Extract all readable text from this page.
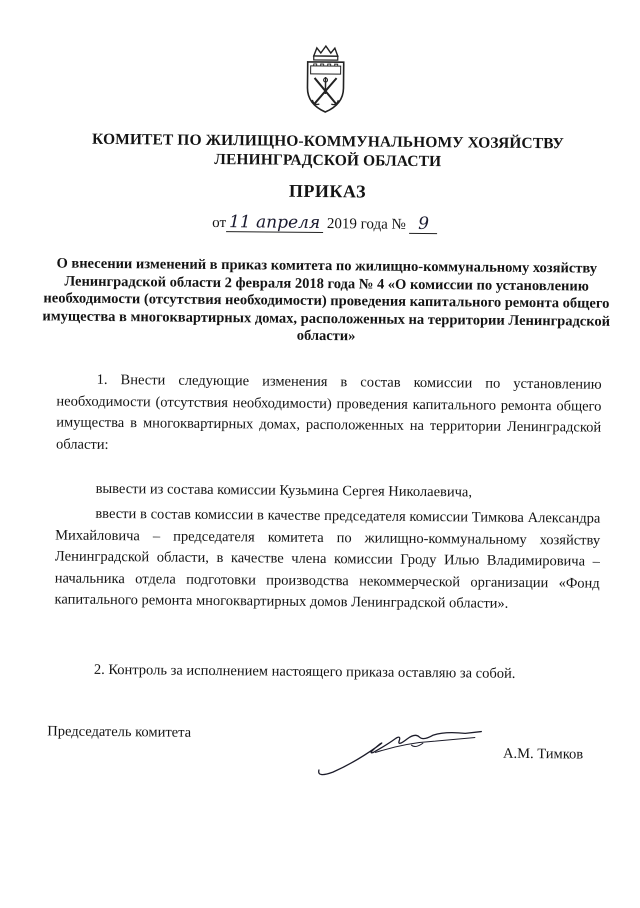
КОМИТЕТ ПО ЖИЛИЩНО-КОММУНАЛЬНОМУ ХОЗЯЙСТВУ
ЛЕНИНГРАДСКОЙ ОБЛАСТИ
ПРИКАЗ
от 11 апреля 2019 года № 9
О внесении изменений в приказ комитета по жилищно-коммунальному хозяйству Ленинградской области 2 февраля 2018 года № 4 «О комиссии по установлению необходимости (отсутствия необходимости) проведения капитального ремонта общего имущества в многоквартирных домах, расположенных на территории Ленинградской области»
1. Внести следующие изменения в состав комиссии по установлению необходимости (отсутствия необходимости) проведения капитального ремонта общего имущества в многоквартирных домах, расположенных на территории Ленинградской области:
вывести из состава комиссии Кузьмина Сергея Николаевича,
ввести в состав комиссии в качестве председателя комиссии Тимкова Александра Михайловича – председателя комитета по жилищно-коммунальному хозяйству Ленинградской области, в качестве члена комиссии Гроду Илью Владимировича – начальника отдела подготовки производства некоммерческой организации «Фонд капитального ремонта многоквартирных домов Ленинградской области».
2. Контроль за исполнением настоящего приказа оставляю за собой.
Председатель комитета
А.М. Тимков
